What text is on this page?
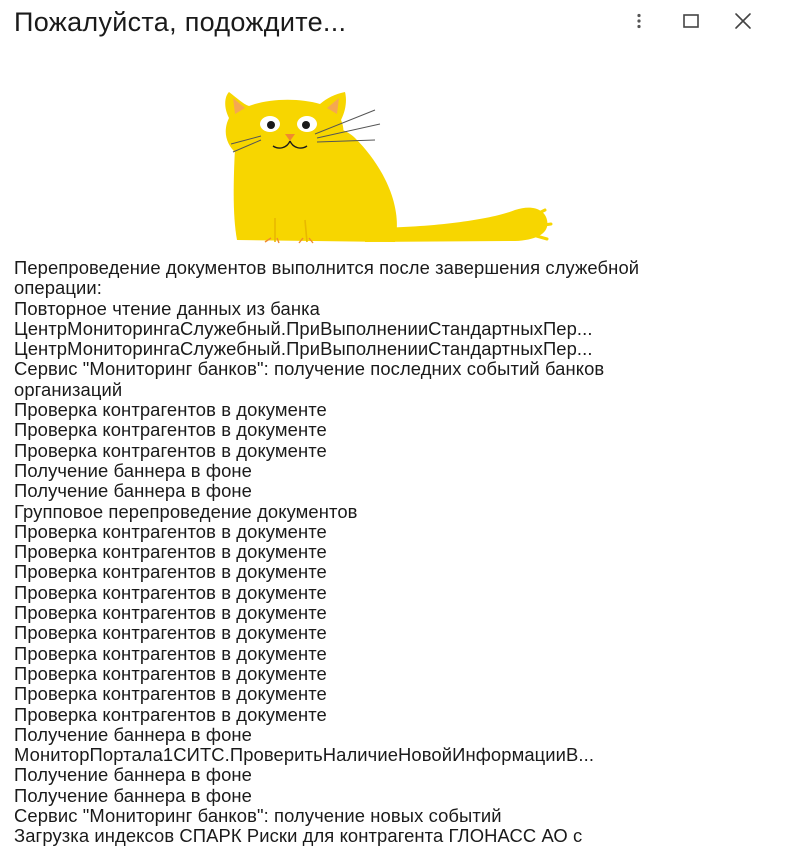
Пожалуйста, подождите...
Перепроведение документов выполнится после завершения служебной операции:
Повторное чтение данных из банка
ЦентрМониторингаСлужебный.ПриВыполненииСтандартныхПер...
ЦентрМониторингаСлужебный.ПриВыполненииСтандартныхПер...
Сервис "Мониторинг банков": получение последних событий банков организаций
Проверка контрагентов в документе
Проверка контрагентов в документе
Проверка контрагентов в документе
Получение баннера в фоне
Получение баннера в фоне
Групповое перепроведение документов
Проверка контрагентов в документе
Проверка контрагентов в документе
Проверка контрагентов в документе
Проверка контрагентов в документе
Проверка контрагентов в документе
Проверка контрагентов в документе
Проверка контрагентов в документе
Проверка контрагентов в документе
Проверка контрагентов в документе
Проверка контрагентов в документе
Получение баннера в фоне
МониторПортала1СИТС.ПроверитьНаличиеНовойИнформацииВ...
Получение баннера в фоне
Получение баннера в фоне
Сервис "Мониторинг банков": получение новых событий
Загрузка индексов СПАРК Риски для контрагента ГЛОНАСС АО с
